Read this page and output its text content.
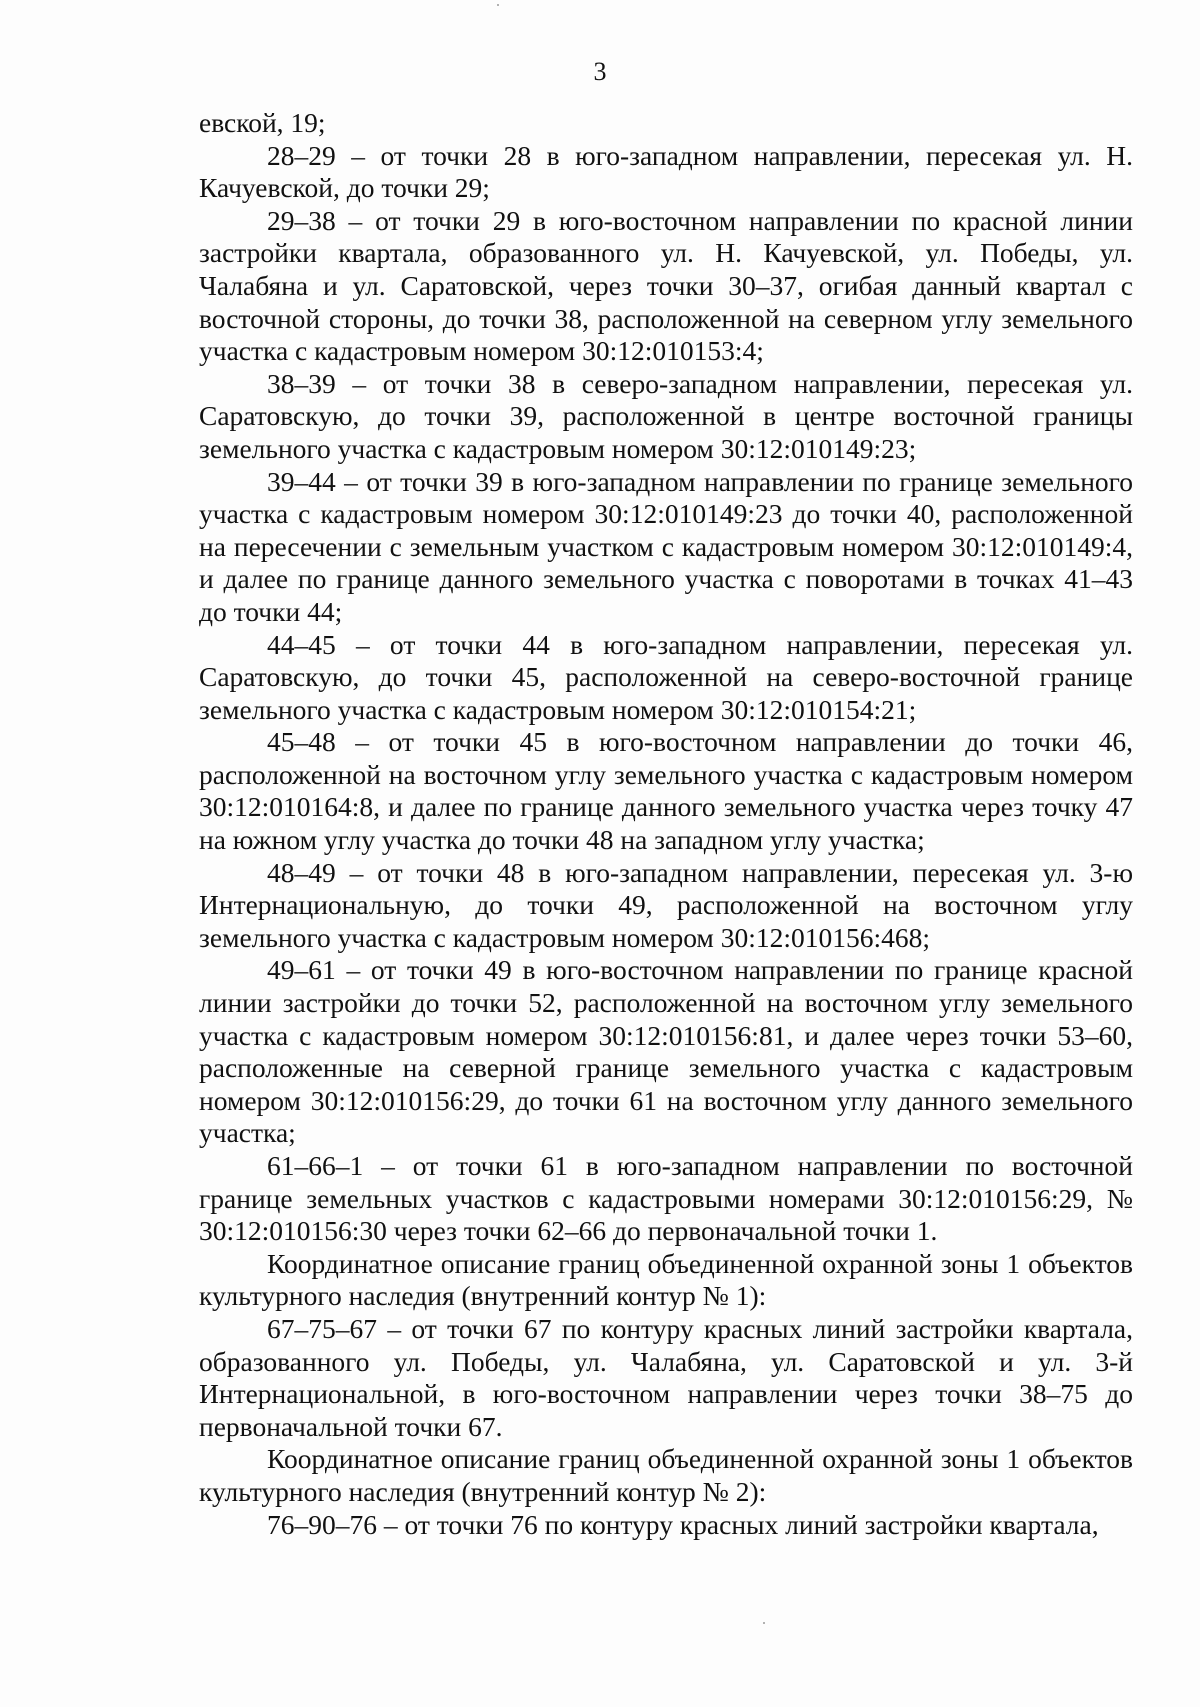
3

евской, 19;

28–29 – от точки 28 в юго-западном направлении, пересекая ул. Н. Качуевской, до точки 29;

29–38 – от точки 29 в юго-восточном направлении по красной линии застройки квартала, образованного ул. Н. Качуевской, ул. Победы, ул. Чалабяна и ул. Саратовской, через точки 30–37, огибая данный квартал с восточной стороны, до точки 38, расположенной на северном углу земельного участка с кадастровым номером 30:12:010153:4;

38–39 – от точки 38 в северо-западном направлении, пересекая ул. Саратовскую, до точки 39, расположенной в центре восточной границы земельного участка с кадастровым номером 30:12:010149:23;

39–44 – от точки 39 в юго-западном направлении по границе земельного участка с кадастровым номером 30:12:010149:23 до точки 40, расположенной на пересечении с земельным участком с кадастровым номером 30:12:010149:4, и далее по границе данного земельного участка с поворотами в точках 41–43 до точки 44;

44–45 – от точки 44 в юго-западном направлении, пересекая ул. Саратовскую, до точки 45, расположенной на северо-восточной границе земельного участка с кадастровым номером 30:12:010154:21;

45–48 – от точки 45 в юго-восточном направлении до точки 46, расположенной на восточном углу земельного участка с кадастровым номером 30:12:010164:8, и далее по границе данного земельного участка через точку 47 на южном углу участка до точки 48 на западном углу участка;

48–49 – от точки 48 в юго-западном направлении, пересекая ул. 3-ю Интернациональную, до точки 49, расположенной на восточном углу земельного участка с кадастровым номером 30:12:010156:468;

49–61 – от точки 49 в юго-восточном направлении по границе красной линии застройки до точки 52, расположенной на восточном углу земельного участка с кадастровым номером 30:12:010156:81, и далее через точки 53–60, расположенные на северной границе земельного участка с кадастровым номером 30:12:010156:29, до точки 61 на восточном углу данного земельного участка;

61–66–1 – от точки 61 в юго-западном направлении по восточной границе земельных участков с кадастровыми номерами 30:12:010156:29, № 30:12:010156:30 через точки 62–66 до первоначальной точки 1.

Координатное описание границ объединенной охранной зоны 1 объектов культурного наследия (внутренний контур № 1):

67–75–67 – от точки 67 по контуру красных линий застройки квартала, образованного ул. Победы, ул. Чалабяна, ул. Саратовской и ул. 3-й Интернациональной, в юго-восточном направлении через точки 38–75 до первоначальной точки 67.

Координатное описание границ объединенной охранной зоны 1 объектов культурного наследия (внутренний контур № 2):

76–90–76 – от точки 76 по контуру красных линий застройки квартала,
